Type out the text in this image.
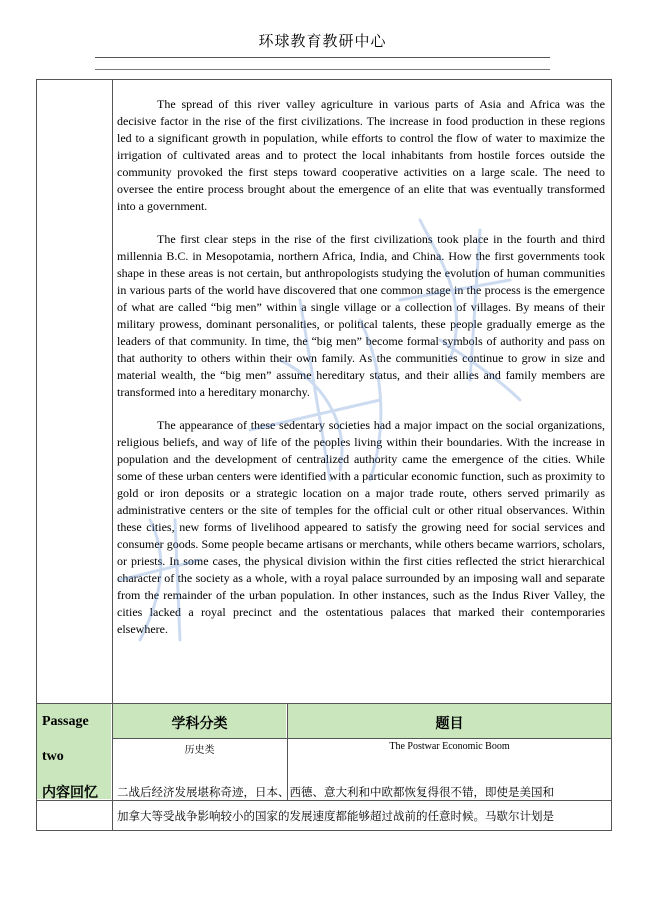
环球教育教研中心

The spread of this river valley agriculture in various parts of Asia and Africa was the decisive factor in the rise of the first civilizations. The increase in food production in these regions led to a significant growth in population, while efforts to control the flow of water to maximize the irrigation of cultivated areas and to protect the local inhabitants from hostile forces outside the community provoked the first steps toward cooperative activities on a large scale. The need to oversee the entire process brought about the emergence of an elite that was eventually transformed into a government.

The first clear steps in the rise of the first civilizations took place in the fourth and third millennia B.C. in Mesopotamia, northern Africa, India, and China. How the first governments took shape in these areas is not certain, but anthropologists studying the evolution of human communities in various parts of the world have discovered that one common stage in the process is the emergence of what are called “big men” within a single village or a collection of villages. By means of their military prowess, dominant personalities, or political talents, these people gradually emerge as the leaders of that community. In time, the “big men” become formal symbols of authority and pass on that authority to others within their own family. As the communities continue to grow in size and material wealth, the “big men” assume hereditary status, and their allies and family members are transformed into a hereditary monarchy.

The appearance of these sedentary societies had a major impact on the social organizations, religious beliefs, and way of life of the peoples living within their boundaries. With the increase in population and the development of centralized authority came the emergence of the cities. While some of these urban centers were identified with a particular economic function, such as proximity to gold or iron deposits or a strategic location on a major trade route, others served primarily as administrative centers or the site of temples for the official cult or other ritual observances. Within these cities, new forms of livelihood appeared to satisfy the growing need for social services and consumer goods. Some people became artisans or merchants, while others became warriors, scholars, or priests. In some cases, the physical division within the first cities reflected the strict hierarchical character of the society as a whole, with a royal palace surrounded by an imposing wall and separate from the remainder of the urban population. In other instances, such as the Indus River Valley, the cities lacked a royal precinct and the ostentatious palaces that marked their contemporaries elsewhere.

Passage
two
学科分类	题目
历史类	The Postwar Economic Boom
内容回忆 二战后经济发展堪称奇迹，日本、西德、意大利和中欧都恢复得很不错，即使是美国和
加拿大等受战争影响较小的国家的发展速度都能够超过战前的任意时候。马歇尔计划是
